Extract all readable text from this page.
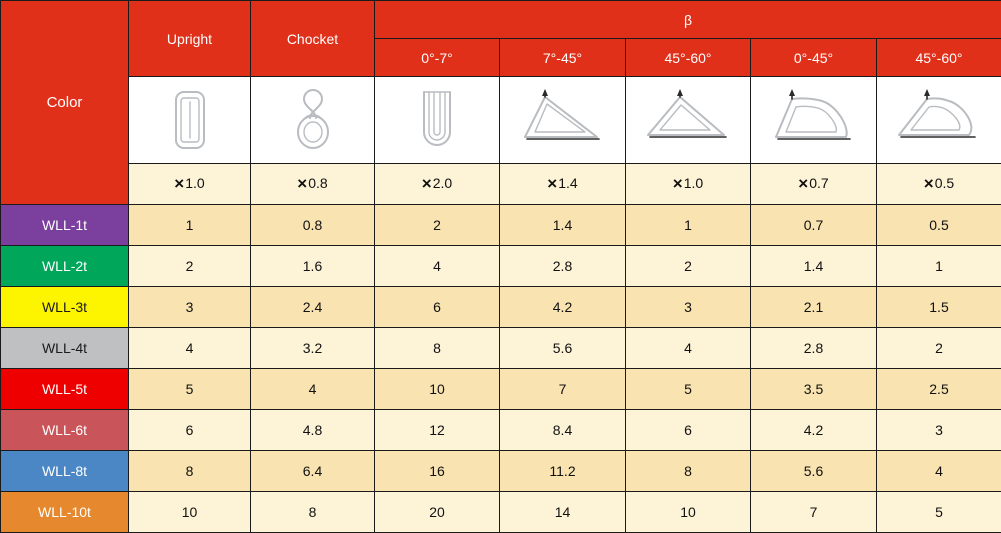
Color	Upright	Chocket	β				
			0°-7°	7°-45°	45°-60°	0°-45°	45°-60°

	×1.0	×0.8	×2.0	×1.4	×1.0	×0.7	×0.5
WLL-1t	1	0.8	2	1.4	1	0.7	0.5
WLL-2t	2	1.6	4	2.8	2	1.4	1
WLL-3t	3	2.4	6	4.2	3	2.1	1.5
WLL-4t	4	3.2	8	5.6	4	2.8	2
WLL-5t	5	4	10	7	5	3.5	2.5
WLL-6t	6	4.8	12	8.4	6	4.2	3
WLL-8t	8	6.4	16	11.2	8	5.6	4
WLL-10t	10	8	20	14	10	7	5
